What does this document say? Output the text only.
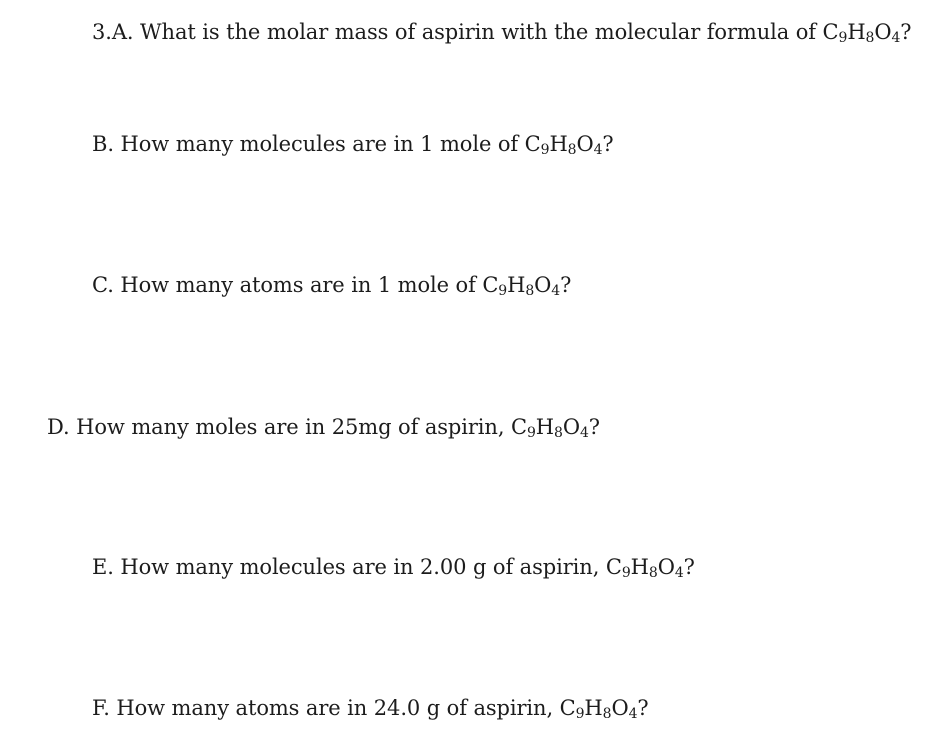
3.A. What is the molar mass of aspirin with the molecular formula of $C_9H_8O_4$?
B. How many molecules are in 1 mole of $C_9H_8O_4$?
C. How many atoms are in 1 mole of $C_9H_8O_4$?
D. How many moles are in 25mg of aspirin, $C_9H_8O_4$?
E. How many molecules are in 2.00 g of aspirin, $C_9H_8O_4$?
F. How many atoms are in 24.0 g of aspirin, $C_9H_8O_4$?
